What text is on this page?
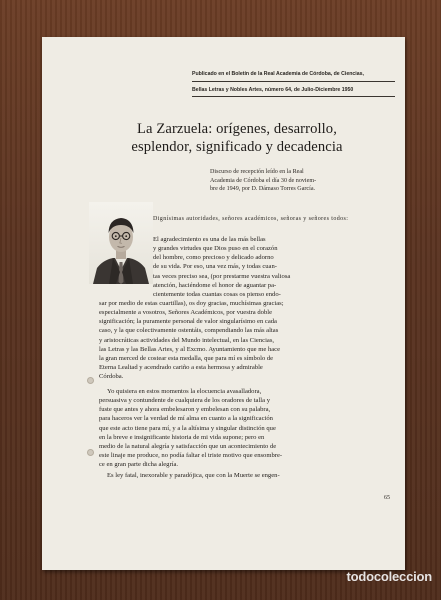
Publicado en el Boletín de la Real Academia de Córdoba, de Ciencias,
Bellas Letras y Nobles Artes, número 64, de Julio-Diciembre 1950
La Zarzuela: orígenes, desarrollo,
esplendor, significado y decadencia
Discurso de recepción leído en la Real
Academia de Córdoba el día 30 de noviem-
bre de 1949, por D. Dámaso Torres García.
Dignísimas autoridades, señores académicos, señoras y señores todos:
El agradecimiento es una de las más bellas
y grandes virtudes que Dios puso en el corazón
del hombre, como precioso y delicado adorno
de su vida. Por eso, una vez más, y todas cuan-
tas veces preciso sea, (por prestarme vuestra valiosa
atención, haciéndome el honor de aguantar pa-
cientemente todas cuantas cosas os pienso endo-
sar por medio de estas cuartillas), os doy gracias, muchísimas gracias;
especialmente a vosotros, Señores Académicos, por vuestra doble
significación; la puramente personal de valor singularísimo en cada
caso, y la que colectivamente ostentáis, compendiando las más altas
y aristocráticas actividades del Mundo intelectual, en las Ciencias,
las Letras y las Bellas Artes, y al Excmo. Ayuntamiento que me hace
la gran merced de costear esta medalla, que para mí es símbolo de
Eterna Lealtad y acendrado cariño a esta hermosa y admirable
Córdoba.
Yo quisiera en estos momentos la elocuencia avasalladora,
persuasiva y contundente de cualquiera de los oradores de talla y
fuste que antes y ahora embelesaron y embelesan con su palabra,
para haceros ver la verdad de mí alma en cuanto a la significación
que este acto tiene para mí, y a la altísima y singular distinción que
en la breve e insignificante historia de mi vida supone; pero en
medio de la natural alegría y satisfacción que un acontecimiento de
este linaje me produce, no podía faltar el triste motivo que ensombre-
ce en gran parte dicha alegría.
Es ley fatal, inexorable y paradójica, que con la Muerte se engen-
65
todocoleccion
